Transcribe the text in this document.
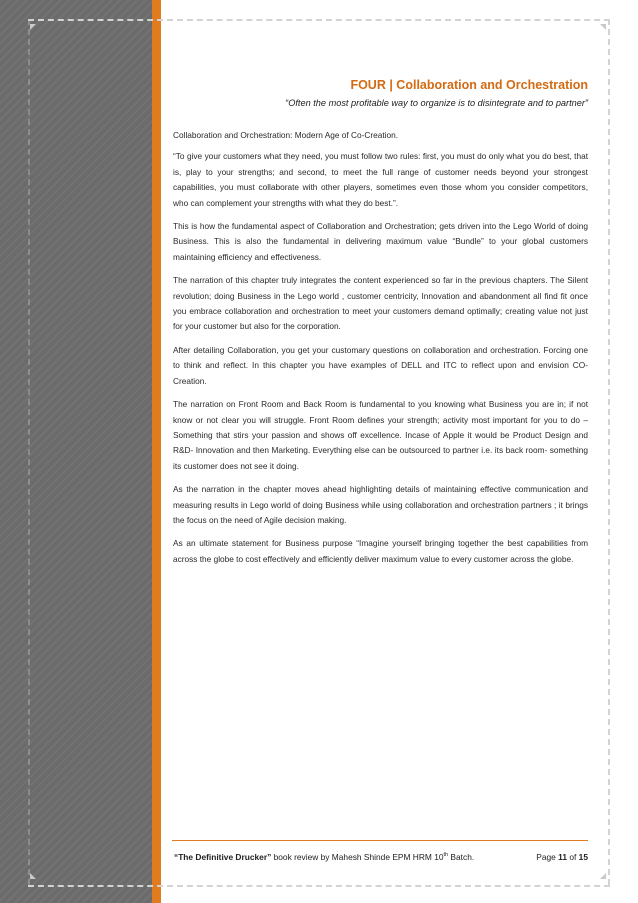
FOUR | Collaboration and Orchestration
“Often the most profitable way to organize is to disintegrate and to partner”

Collaboration and Orchestration: Modern Age of Co-Creation.

“To give your customers what they need, you must follow two rules: first, you must do only what you do best, that is, play to your strengths; and second, to meet the full range of customer needs beyond your strongest capabilities, you must collaborate with other players, sometimes even those whom you consider competitors, who can complement your strengths with what they do best.”.

This is how the fundamental aspect of Collaboration and Orchestration; gets driven into the Lego World of doing Business. This is also the fundamental in delivering maximum value “Bundle” to your global customers maintaining efficiency and effectiveness.

The narration of this chapter truly integrates the content experienced so far in the previous chapters. The Silent revolution; doing Business in the Lego world , customer centricity, Innovation and abandonment all find fit once you embrace collaboration and orchestration to meet your customers demand optimally; creating value not just for your customer but also for the corporation.

After detailing Collaboration, you get your customary questions on collaboration and orchestration. Forcing one to think and reflect. In this chapter you have examples of DELL and ITC to reflect upon and envision CO-Creation.

The narration on Front Room and Back Room is fundamental to you knowing what Business you are in; if not know or not clear you will struggle. Front Room defines your strength; activity most important for you to do – Something that stirs your passion and shows off excellence. Incase of Apple it would be Product Design and R&D- Innovation and then Marketing. Everything else can be outsourced to partner i.e. its back room- something its customer does not see it doing.

As the narration in the chapter moves ahead highlighting details of maintaining effective communication and measuring results in Lego world of doing Business while using collaboration and orchestration partners ; it brings the focus on the need of Agile decision making.

As an ultimate statement for Business purpose “Imagine yourself bringing together the best capabilities from across the globe to cost effectively and efficiently deliver maximum value to every customer across the globe.

“The Definitive Drucker” book review by Mahesh Shinde EPM HRM 10th Batch.	Page 11 of 15
